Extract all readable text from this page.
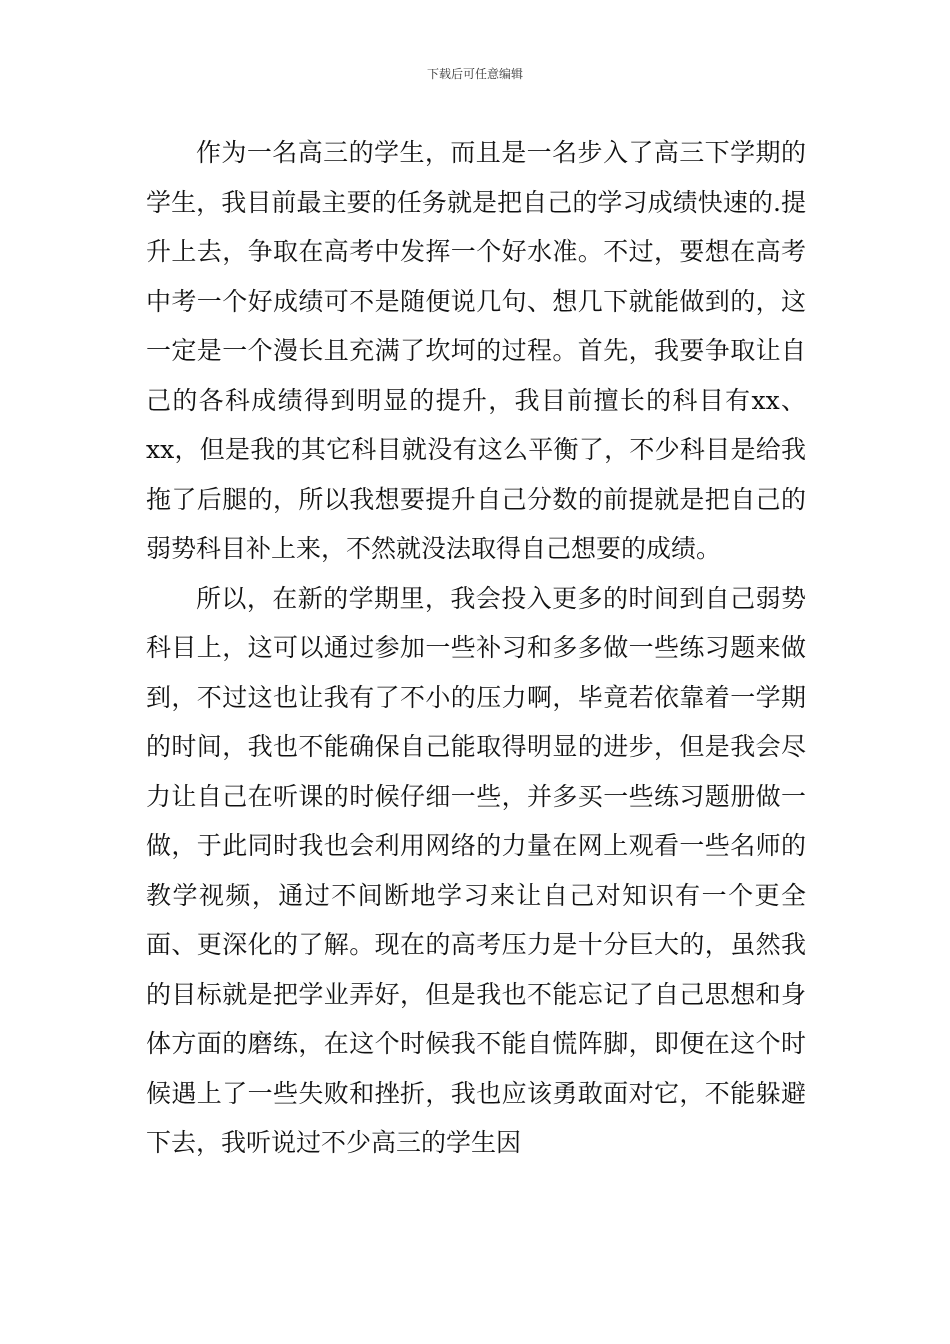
下载后可任意编辑

作为一名高三的学生，而且是一名步入了高三下学期的学生，我目前最主要的任务就是把自己的学习成绩快速的.提升上去，争取在高考中发挥一个好水准。不过，要想在高考中考一个好成绩可不是随便说几句、想几下就能做到的，这一定是一个漫长且充满了坎坷的过程。首先，我要争取让自己的各科成绩得到明显的提升，我目前擅长的科目有xx、xx，但是我的其它科目就没有这么平衡了，不少科目是给我拖了后腿的，所以我想要提升自己分数的前提就是把自己的弱势科目补上来，不然就没法取得自己想要的成绩。

所以，在新的学期里，我会投入更多的时间到自己弱势科目上，这可以通过参加一些补习和多多做一些练习题来做到，不过这也让我有了不小的压力啊，毕竟若依靠着一学期的时间，我也不能确保自己能取得明显的进步，但是我会尽力让自己在听课的时候仔细一些，并多买一些练习题册做一做，于此同时我也会利用网络的力量在网上观看一些名师的教学视频，通过不间断地学习来让自己对知识有一个更全面、更深化的了解。现在的高考压力是十分巨大的，虽然我的目标就是把学业弄好，但是我也不能忘记了自己思想和身体方面的磨练，在这个时候我不能自慌阵脚，即便在这个时候遇上了一些失败和挫折，我也应该勇敢面对它，不能躲避下去，我听说过不少高三的学生因
